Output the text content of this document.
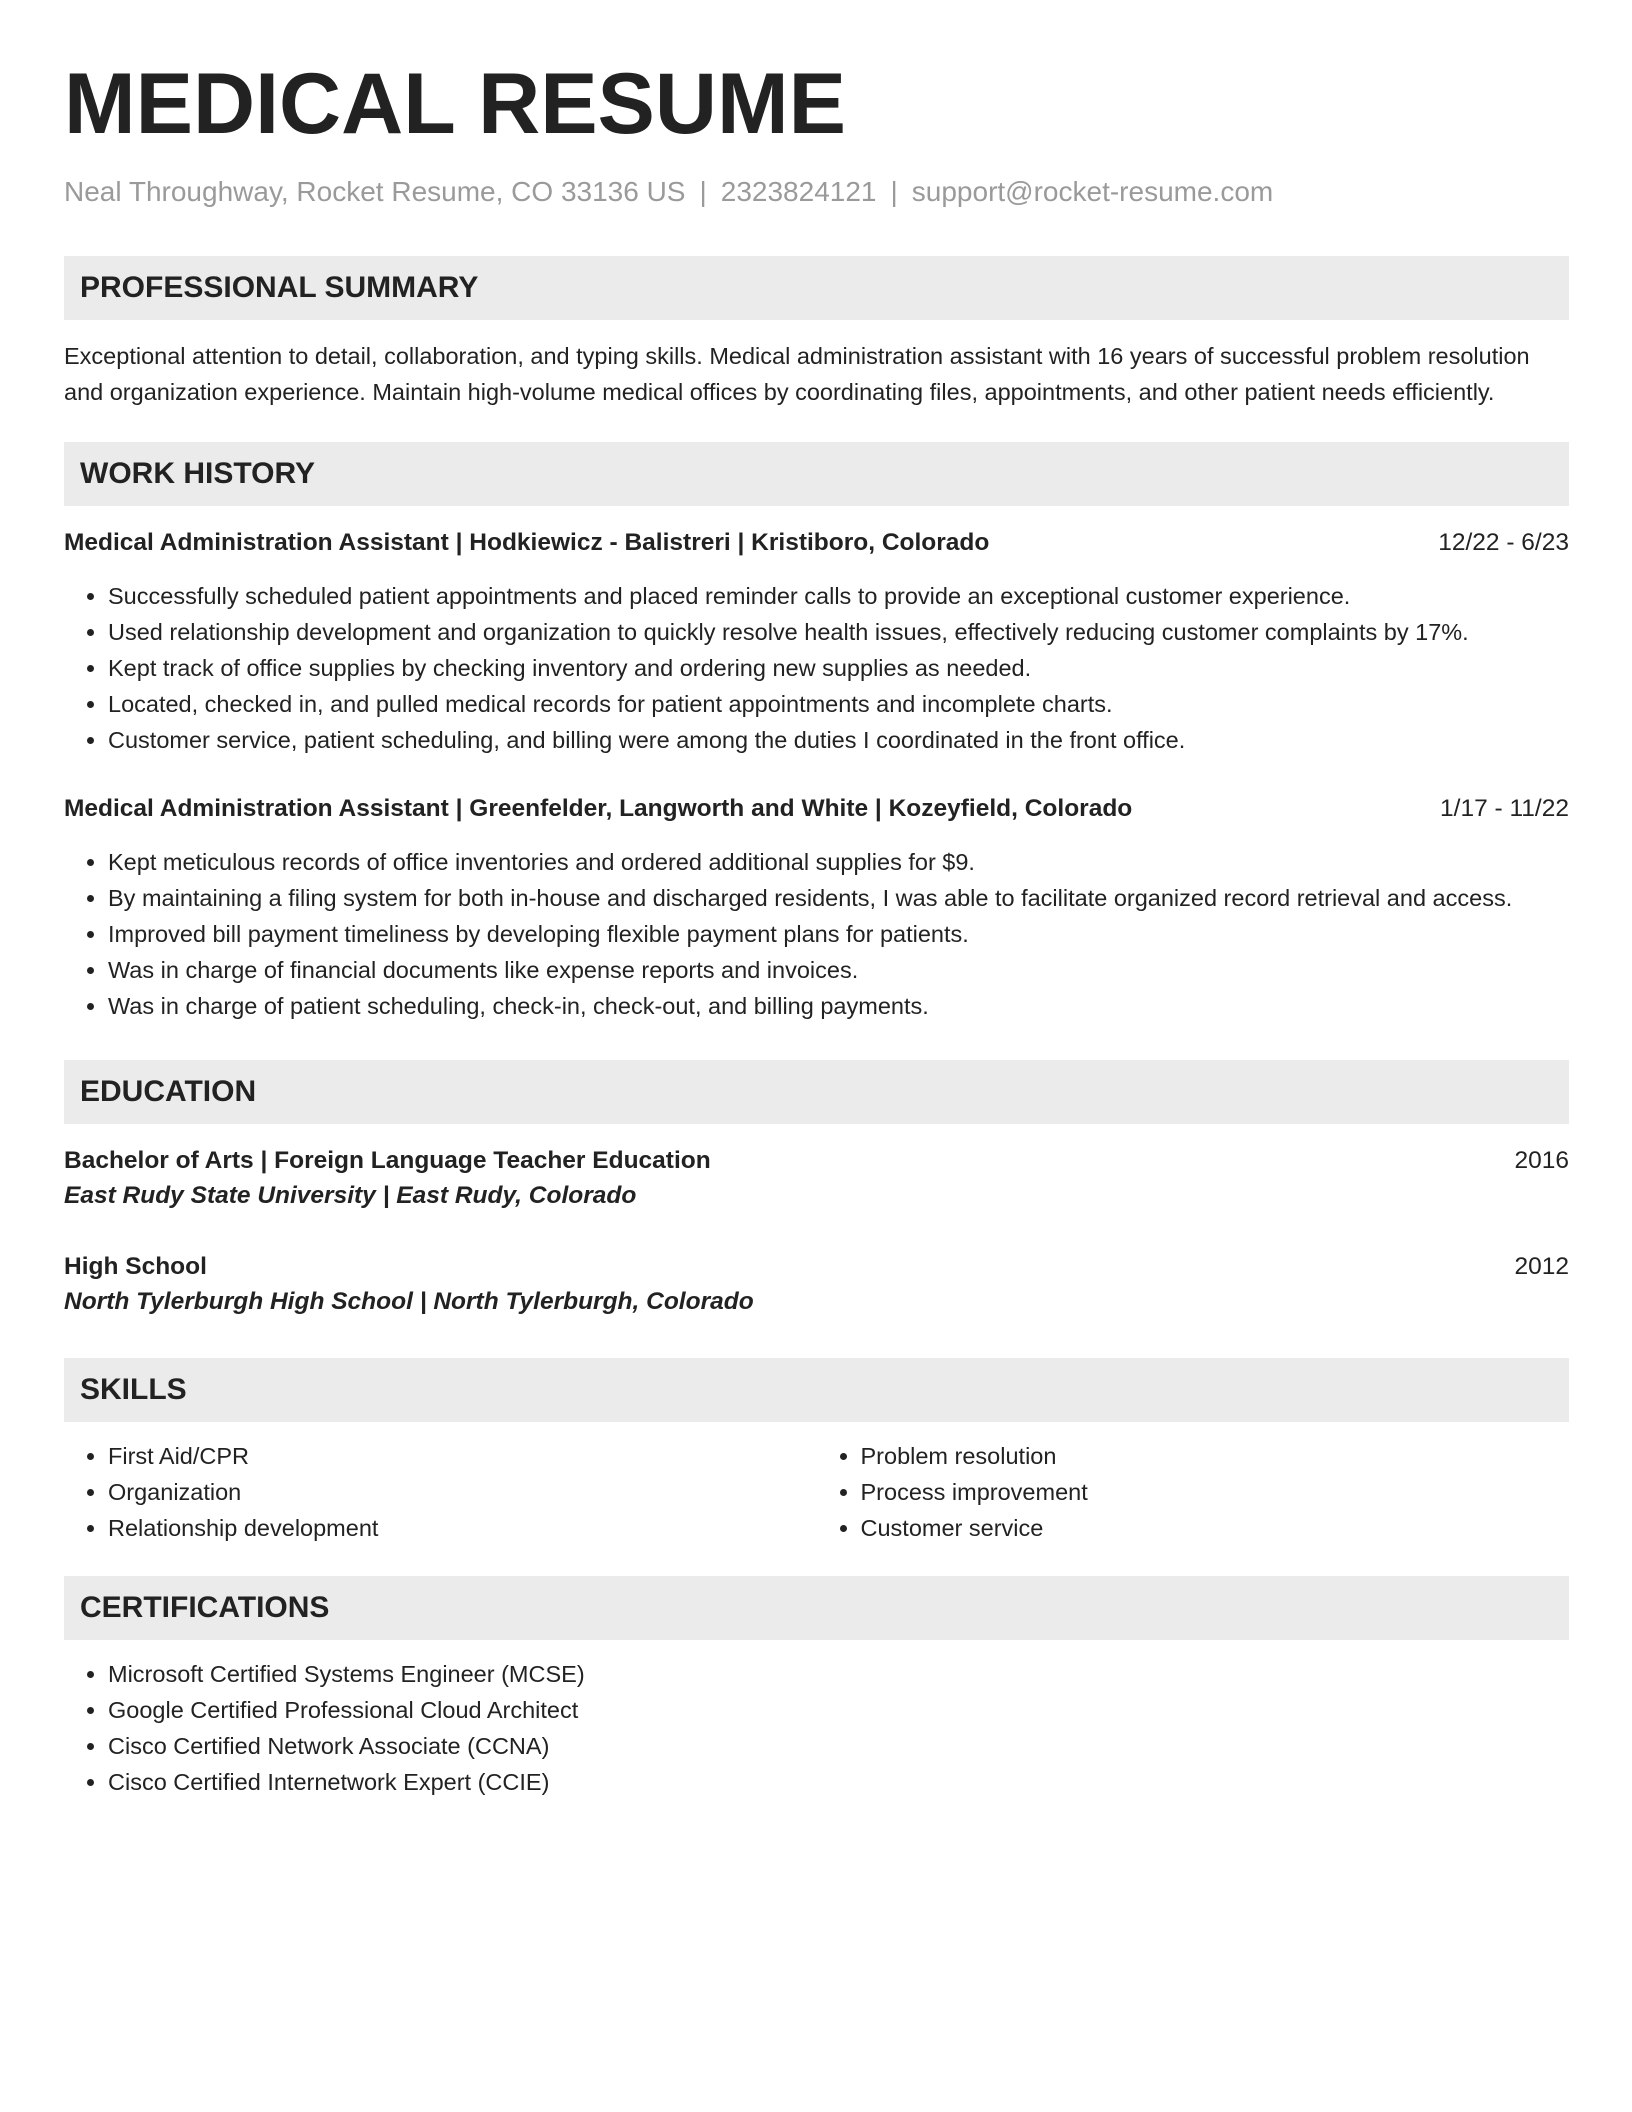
MEDICAL RESUME
Neal Throughway, Rocket Resume, CO 33136 US | 2323824121 | support@rocket-resume.com
PROFESSIONAL SUMMARY
Exceptional attention to detail, collaboration, and typing skills. Medical administration assistant with 16 years of successful problem resolution and organization experience. Maintain high-volume medical offices by coordinating files, appointments, and other patient needs efficiently.
WORK HISTORY
Medical Administration Assistant | Hodkiewicz - Balistreri | Kristiboro, Colorado	12/22 - 6/23
• Successfully scheduled patient appointments and placed reminder calls to provide an exceptional customer experience.
• Used relationship development and organization to quickly resolve health issues, effectively reducing customer complaints by 17%.
• Kept track of office supplies by checking inventory and ordering new supplies as needed.
• Located, checked in, and pulled medical records for patient appointments and incomplete charts.
• Customer service, patient scheduling, and billing were among the duties I coordinated in the front office.
Medical Administration Assistant | Greenfelder, Langworth and White | Kozeyfield, Colorado	1/17 - 11/22
• Kept meticulous records of office inventories and ordered additional supplies for $9.
• By maintaining a filing system for both in-house and discharged residents, I was able to facilitate organized record retrieval and access.
• Improved bill payment timeliness by developing flexible payment plans for patients.
• Was in charge of financial documents like expense reports and invoices.
• Was in charge of patient scheduling, check-in, check-out, and billing payments.
EDUCATION
Bachelor of Arts | Foreign Language Teacher Education	2016
East Rudy State University | East Rudy, Colorado
High School	2012
North Tylerburgh High School | North Tylerburgh, Colorado
SKILLS
• First Aid/CPR
• Organization
• Relationship development
• Problem resolution
• Process improvement
• Customer service
CERTIFICATIONS
• Microsoft Certified Systems Engineer (MCSE)
• Google Certified Professional Cloud Architect
• Cisco Certified Network Associate (CCNA)
• Cisco Certified Internetwork Expert (CCIE)
